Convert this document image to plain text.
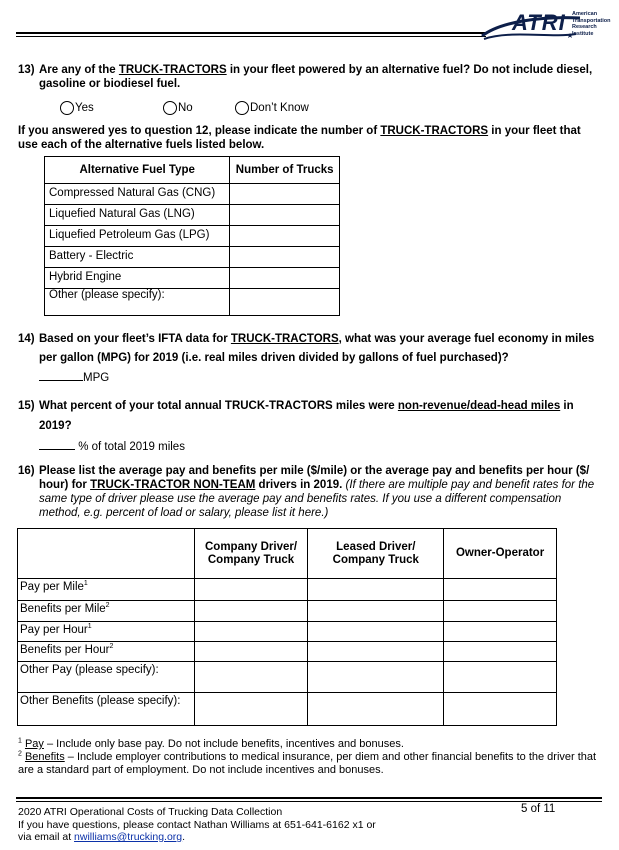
ATRI American
Transportation
Research
Institute
13) Are any of the TRUCK-TRACTORS in your fleet powered by an alternative fuel? Do not include diesel, gasoline or biodiesel fuel.
Yes	No	Don’t Know
If you answered yes to question 12, please indicate the number of TRUCK-TRACTORS in your fleet that use each of the alternative fuels listed below.
Alternative Fuel Type	Number of Trucks
Compressed Natural Gas (CNG)	
Liquefied Natural Gas (LNG)	
Liquefied Petroleum Gas (LPG)	
Battery - Electric	
Hybrid Engine	
Other (please specify):	
14) Based on your fleet’s IFTA data for TRUCK-TRACTORS, what was your average fuel economy in miles per gallon (MPG) for 2019 (i.e. real miles driven divided by gallons of fuel purchased)?
MPG
15) What percent of your total annual TRUCK-TRACTORS miles were non-revenue/dead-head miles in 2019?
% of total 2019 miles
16) Please list the average pay and benefits per mile ($/mile) or the average pay and benefits per hour ($/ hour) for TRUCK-TRACTOR NON-TEAM drivers in 2019. (If there are multiple pay and benefit rates for the same type of driver please use the average pay and benefits rates. If you use a different compensation method, e.g. percent of load or salary, please list it here.)
	Company Driver/ Company Truck	Leased Driver/ Company Truck	Owner-Operator
Pay per Mile$^1$			
Benefits per Mile$^2$			
Pay per Hour$^1$			
Benefits per Hour$^2$			
Other Pay (please specify):			
Other Benefits (please specify):			
$^1$ Pay – Include only base pay. Do not include benefits, incentives and bonuses.
$^2$ Benefits – Include employer contributions to medical insurance, per diem and other financial benefits to the driver that are a standard part of employment. Do not include incentives and bonuses.
2020 ATRI Operational Costs of Trucking Data Collection
If you have questions, please contact Nathan Williams at 651-641-6162 x1 or
via email at nwilliams@trucking.org.
5 of 11
